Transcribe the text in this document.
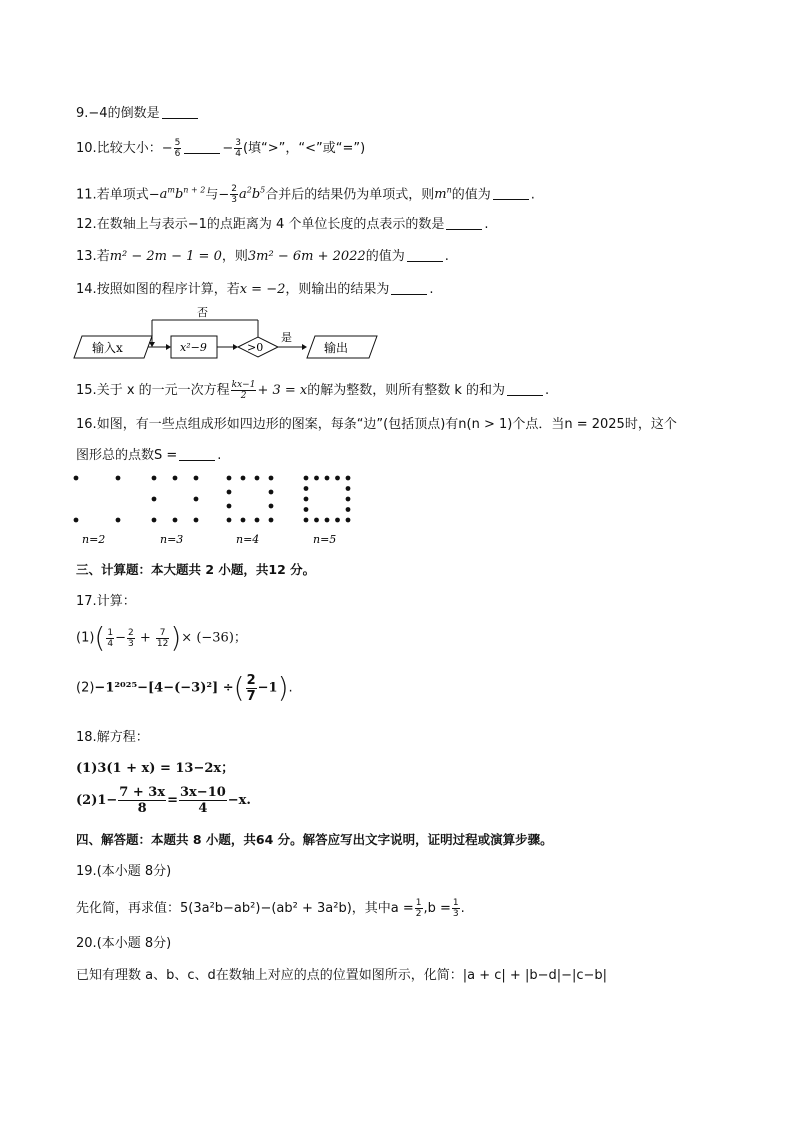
9.−4的倒数是
10.比较大小：− $\frac{5}{6}$	− $\frac{3}{4}$ (填“>”，“<”或“=”)
11.若单项式$-a^mb^{n + 2}$与− $\frac{2}{3} a^2b^5$合并后的结果仍为单项式，则$m^n$的值为	.
12.在数轴上与表示−1的点距离为 4 个单位长度的点表示的数是	.
13.若m² − 2m − 1 = 0，则3m² − 6m + 2022的值为	.
14.按照如图的程序计算，若x = −2，则输出的结果为	.
输入x	x²−9	>0
否
是
输出
15.关于 x 的一元一次方程 $\frac{kx-1}{2} + 3 = x$的解为整数，则所有整数 k 的和为	.
16.如图，有一些点组成形如四边形的图案，每条“边”(包括顶点)有n(n > 1)个点．当n = 2025时，这个
图形总的点数S =	.
n=2	n=3	n=4	n=5
三、计算题：本大题共 2 小题，共12 分。
17.计算：
$(1)( \frac{1}{4} - \frac{2}{3} + \frac{7}{12}$ )× (−36)；
(2)−1²⁰²⁵−[4−(−3)²] ÷( $\frac{2}{7} -1$).
18.解方程：
(1)3(1 + x) = 13−2x；
$(2)1- \frac{7 + 3x}{8} = \frac{3x-10}{4} -x$.
四、解答题：本题共 8 小题，共64 分。解答应写出文字说明，证明过程或演算步骤。
19.(本小题 8分)
先化简，再求值：5(3a²b−ab²)−(ab² + 3a²b)，其中$a = \frac{1}{2} ,b = \frac{1}{3}$ .
20.(本小题 8分)
已知有理数 a、b、c、d在数轴上对应的点的位置如图所示，化简：|a + c| + |b−d|−|c−b|
